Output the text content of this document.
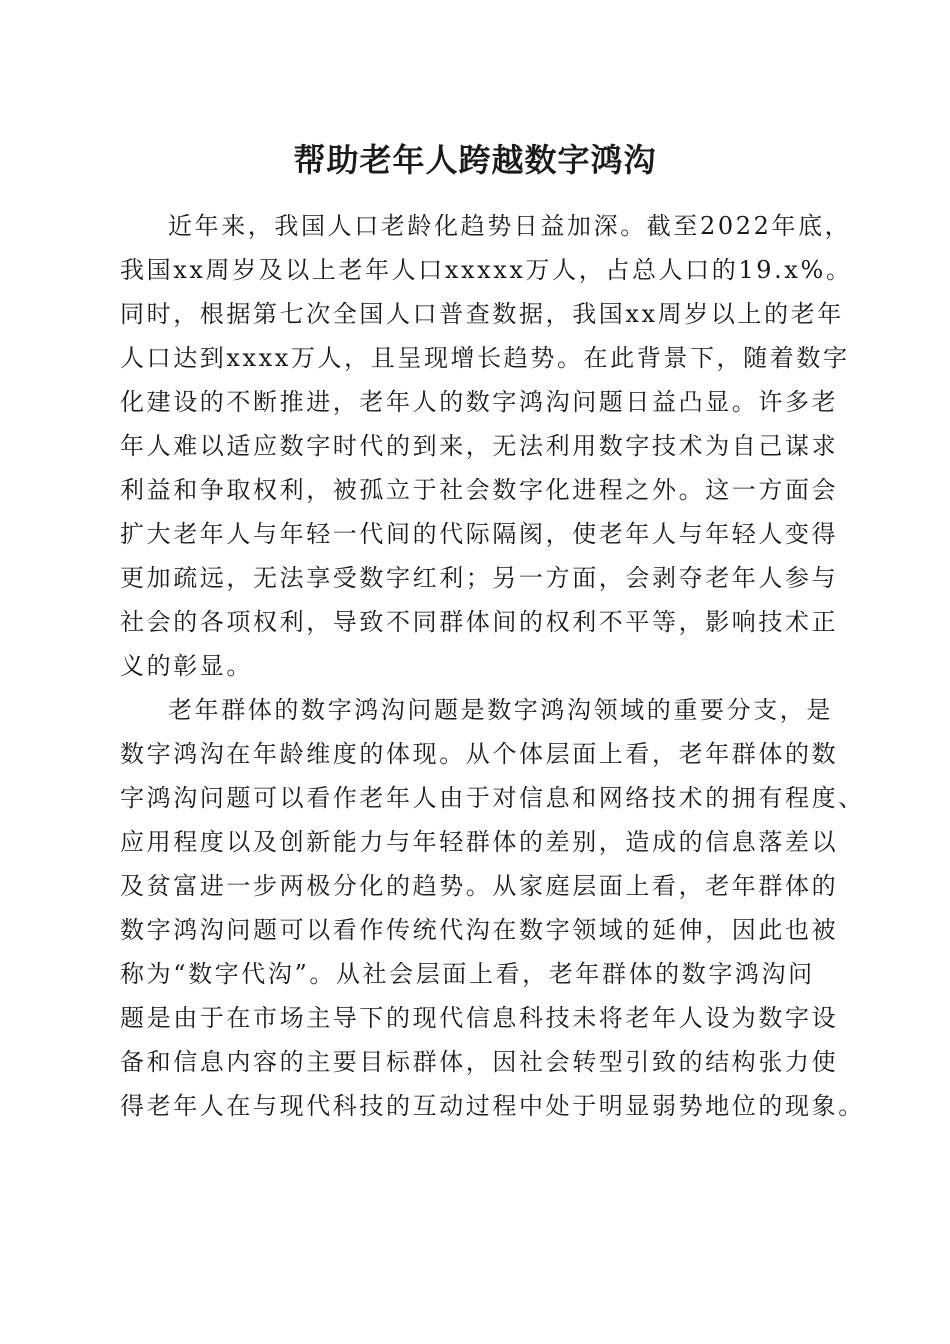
帮助老年人跨越数字鸿沟
近年来，我国人口老龄化趋势日益加深。截至2022年底，
我国xx周岁及以上老年人口xxxxx万人，占总人口的19.x%。
同时，根据第七次全国人口普查数据，我国xx周岁以上的老年
人口达到xxxx万人，且呈现增长趋势。在此背景下，随着数字
化建设的不断推进，老年人的数字鸿沟问题日益凸显。许多老
年人难以适应数字时代的到来，无法利用数字技术为自己谋求
利益和争取权利，被孤立于社会数字化进程之外。这一方面会
扩大老年人与年轻一代间的代际隔阂，使老年人与年轻人变得
更加疏远，无法享受数字红利；另一方面，会剥夺老年人参与
社会的各项权利，导致不同群体间的权利不平等，影响技术正
义的彰显。
老年群体的数字鸿沟问题是数字鸿沟领域的重要分支，是
数字鸿沟在年龄维度的体现。从个体层面上看，老年群体的数
字鸿沟问题可以看作老年人由于对信息和网络技术的拥有程度、
应用程度以及创新能力与年轻群体的差别，造成的信息落差以
及贫富进一步两极分化的趋势。从家庭层面上看，老年群体的
数字鸿沟问题可以看作传统代沟在数字领域的延伸，因此也被
称为“数字代沟”。从社会层面上看，老年群体的数字鸿沟问
题是由于在市场主导下的现代信息科技未将老年人设为数字设
备和信息内容的主要目标群体，因社会转型引致的结构张力使
得老年人在与现代科技的互动过程中处于明显弱势地位的现象。
